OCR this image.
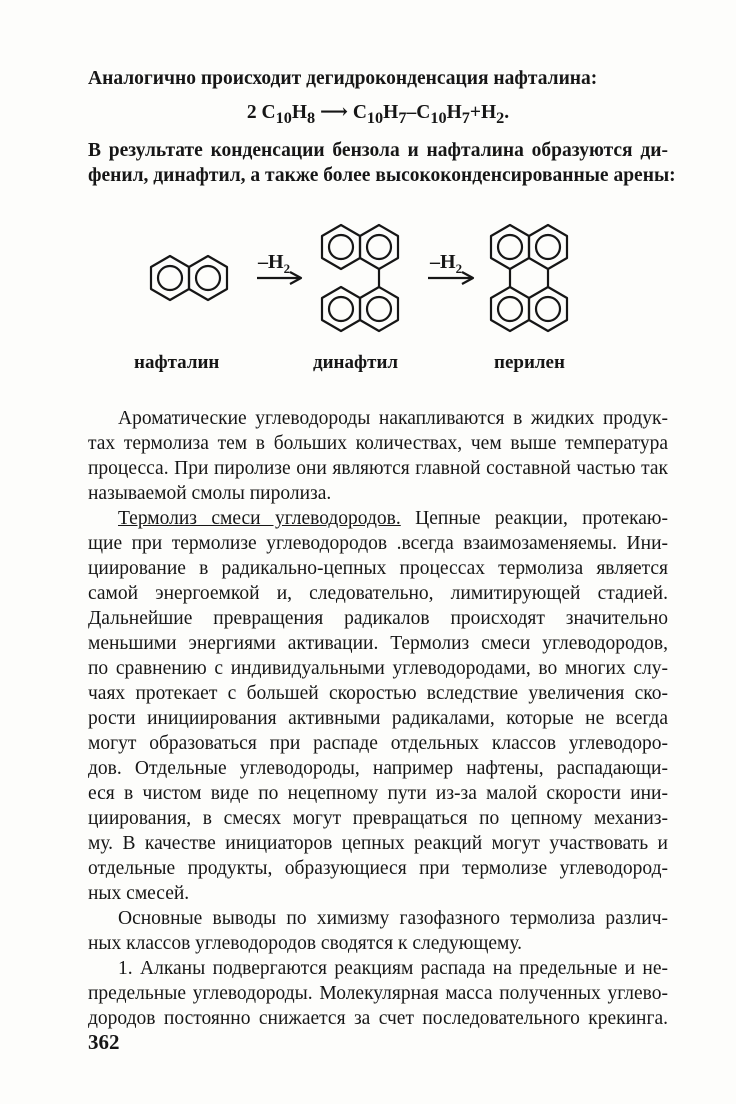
Аналогично происходит дегидроконденсация нафталина:
2 $C_{10}H_8$ ⟶ $C_{10}H_7-C_{10}H_7+H_2$.
В результате конденсации бензола и нафталина образуются ди-
фенил, динафтил, а также более высококонденсированные арены:
$-H_2$	$-H_2$
нафталин	динафтил	перилен
Ароматические углеводороды накапливаются в жидких продук-
тах термолиза тем в больших количествах, чем выше температура
процесса. При пиролизе они являются главной составной частью так
называемой смолы пиролиза.
Термолиз смеси углеводородов. Цепные реакции, протекаю-
щие при термолизе углеводородов .всегда взаимозаменяемы. Ини-
циирование в радикально-цепных процессах термолиза является
самой энергоемкой и, следовательно, лимитирующей стадией.
Дальнейшие превращения радикалов происходят значительно
меньшими энергиями активации. Термолиз смеси углеводородов,
по сравнению с индивидуальными углеводородами, во многих слу-
чаях протекает с большей скоростью вследствие увеличения ско-
рости инициирования активными радикалами, которые не всегда
могут образоваться при распаде отдельных классов углеводоро-
дов. Отдельные углеводороды, например нафтены, распадающи-
еся в чистом виде по нецепному пути из-за малой скорости ини-
циирования, в смесях могут превращаться по цепному механиз-
му. В качестве инициаторов цепных реакций могут участвовать и
отдельные продукты, образующиеся при термолизе углеводород-
ных смесей.
Основные выводы по химизму газофазного термолиза различ-
ных классов углеводородов сводятся к следующему.
1. Алканы подвергаются реакциям распада на предельные и не-
предельные углеводороды. Молекулярная масса полученных углево-
дородов постоянно снижается за счет последовательного крекинга.
362
